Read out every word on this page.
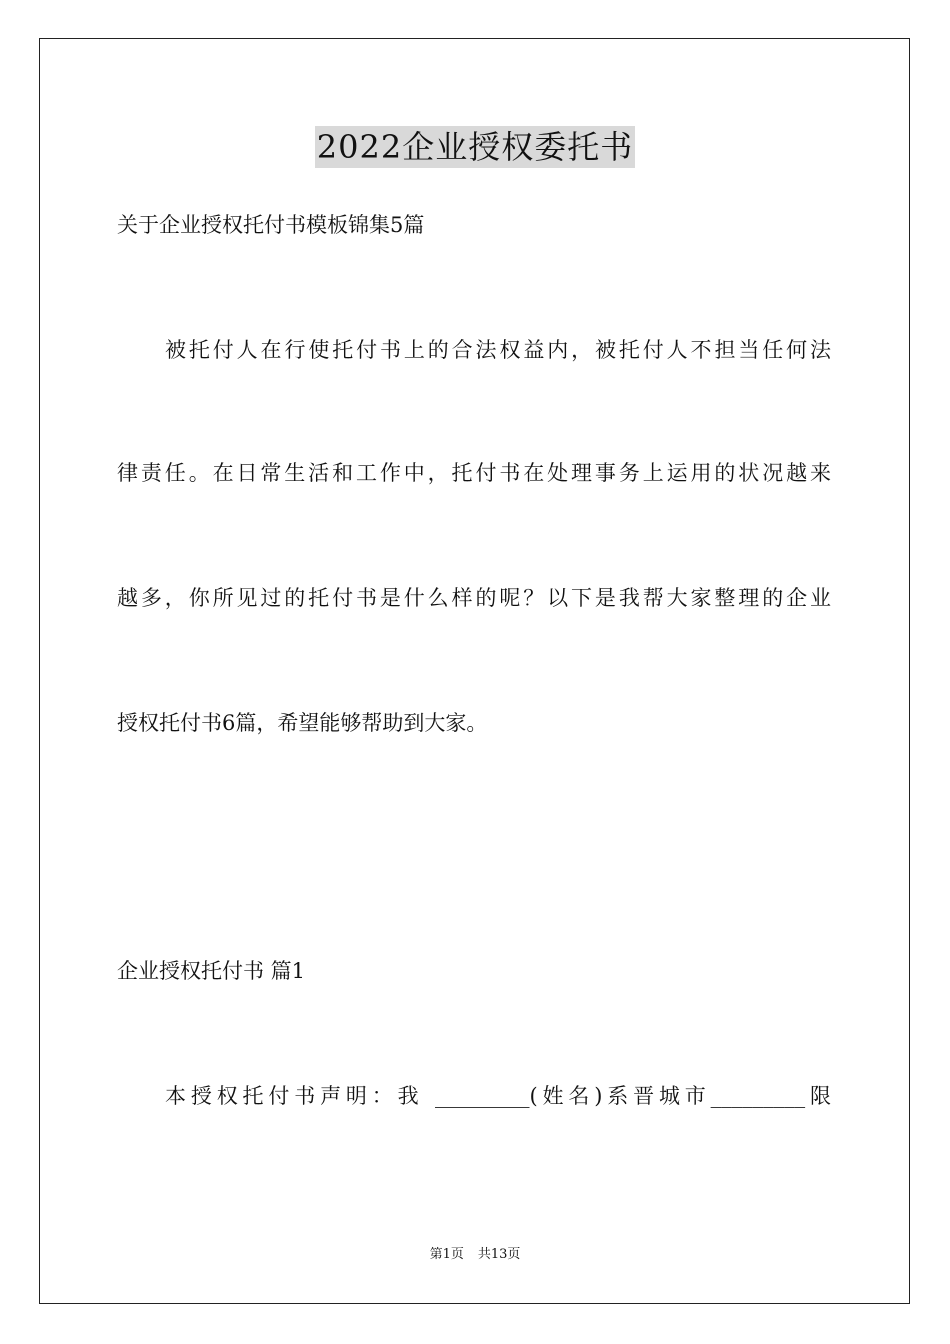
2022企业授权委托书
关于企业授权托付书模板锦集5篇
被托付人在行使托付书上的合法权益内，被托付人不担当任何法
律责任。在日常生活和工作中，托付书在处理事务上运用的状况越来
越多，你所见过的托付书是什么样的呢？以下是我帮大家整理的企业
授权托付书6篇，希望能够帮助到大家。
企业授权托付书 篇1
本授权托付书声明：我 _________(姓名)系晋城市_________限
第1页 共13页
